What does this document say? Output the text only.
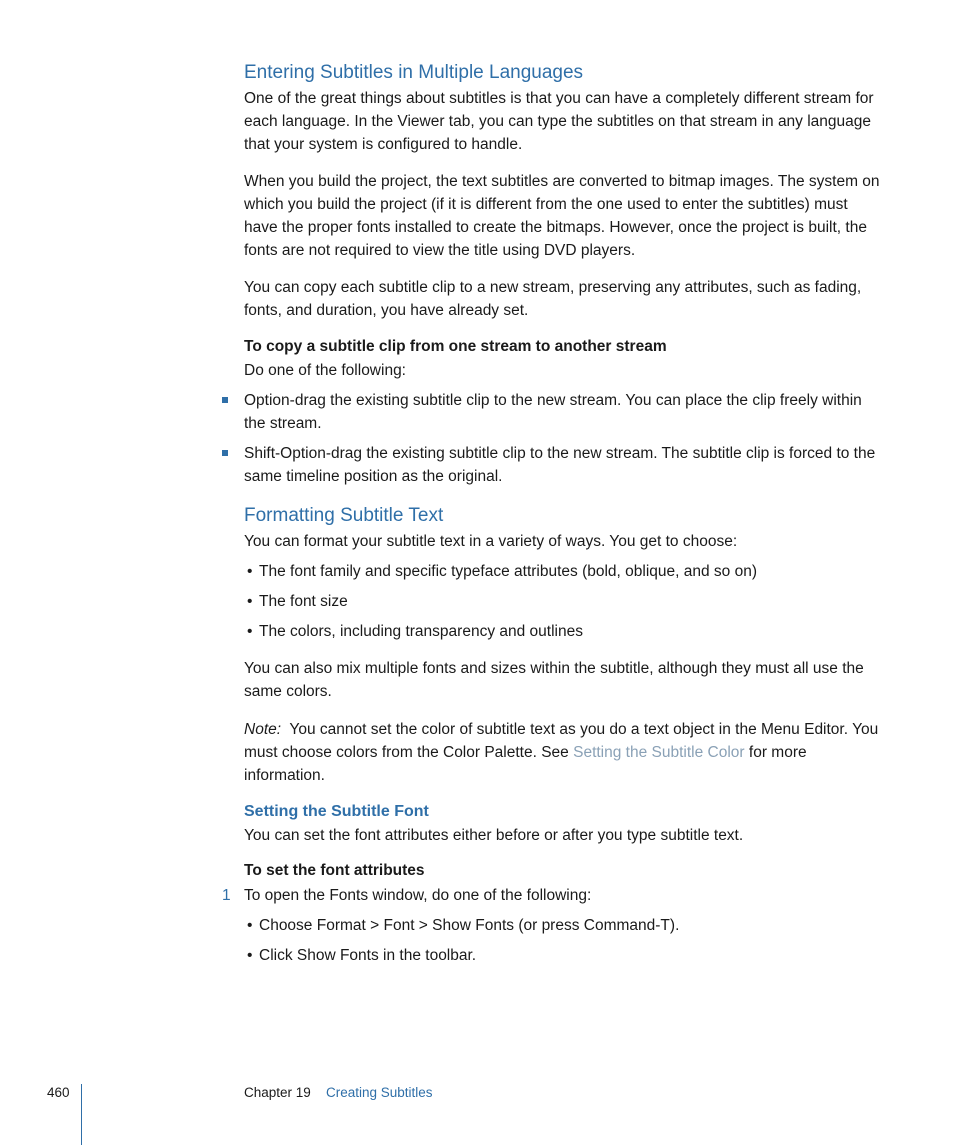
Entering Subtitles in Multiple Languages

One of the great things about subtitles is that you can have a completely different stream for each language. In the Viewer tab, you can type the subtitles on that stream in any language that your system is configured to handle.

When you build the project, the text subtitles are converted to bitmap images. The system on which you build the project (if it is different from the one used to enter the subtitles) must have the proper fonts installed to create the bitmaps. However, once the project is built, the fonts are not required to view the title using DVD players.

You can copy each subtitle clip to a new stream, preserving any attributes, such as fading, fonts, and duration, you have already set.

To copy a subtitle clip from one stream to another stream

Do one of the following:

Option-drag the existing subtitle clip to the new stream. You can place the clip freely within the stream.

Shift-Option-drag the existing subtitle clip to the new stream. The subtitle clip is forced to the same timeline position as the original.

Formatting Subtitle Text

You can format your subtitle text in a variety of ways. You get to choose:

• The font family and specific typeface attributes (bold, oblique, and so on)

• The font size

• The colors, including transparency and outlines

You can also mix multiple fonts and sizes within the subtitle, although they must all use the same colors.

Note: You cannot set the color of subtitle text as you do a text object in the Menu Editor. You must choose colors from the Color Palette. See Setting the Subtitle Color for more information.

Setting the Subtitle Font

You can set the font attributes either before or after you type subtitle text.

To set the font attributes

1 To open the Fonts window, do one of the following:

• Choose Format > Font > Show Fonts (or press Command-T).

• Click Show Fonts in the toolbar.

460	Chapter 19 Creating Subtitles
